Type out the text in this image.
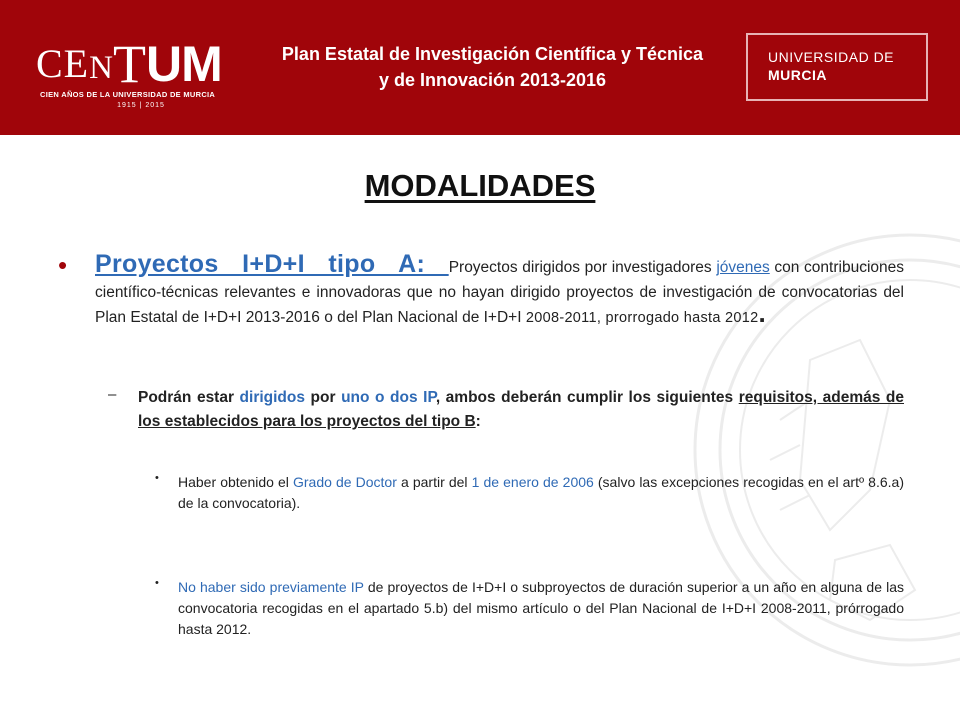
CENTUM
CIEN AÑOS DE LA UNIVERSIDAD DE MURCIA
1915 | 2015
Plan Estatal de Investigación Científica y Técnica
y de Innovación 2013-2016
UNIVERSIDAD DE
MURCIA
MODALIDADES
• Proyectos I+D+I tipo A: Proyectos dirigidos por investigadores jóvenes con contribuciones científico-técnicas relevantes e innovadoras que no hayan dirigido proyectos de investigación de convocatorias del Plan Estatal de I+D+I 2013-2016 o del Plan Nacional de I+D+I 2008-2011, prorrogado hasta 2012.
– Podrán estar dirigidos por uno o dos IP, ambos deberán cumplir los siguientes requisitos, además de los establecidos para los proyectos del tipo B:
• Haber obtenido el Grado de Doctor a partir del 1 de enero de 2006 (salvo las excepciones recogidas en el artº 8.6.a) de la convocatoria).
• No haber sido previamente IP de proyectos de I+D+I o subproyectos de duración superior a un año en alguna de las convocatoria recogidas en el apartado 5.b) del mismo artículo o del Plan Nacional de I+D+I 2008-2011, prórrogado hasta 2012.
